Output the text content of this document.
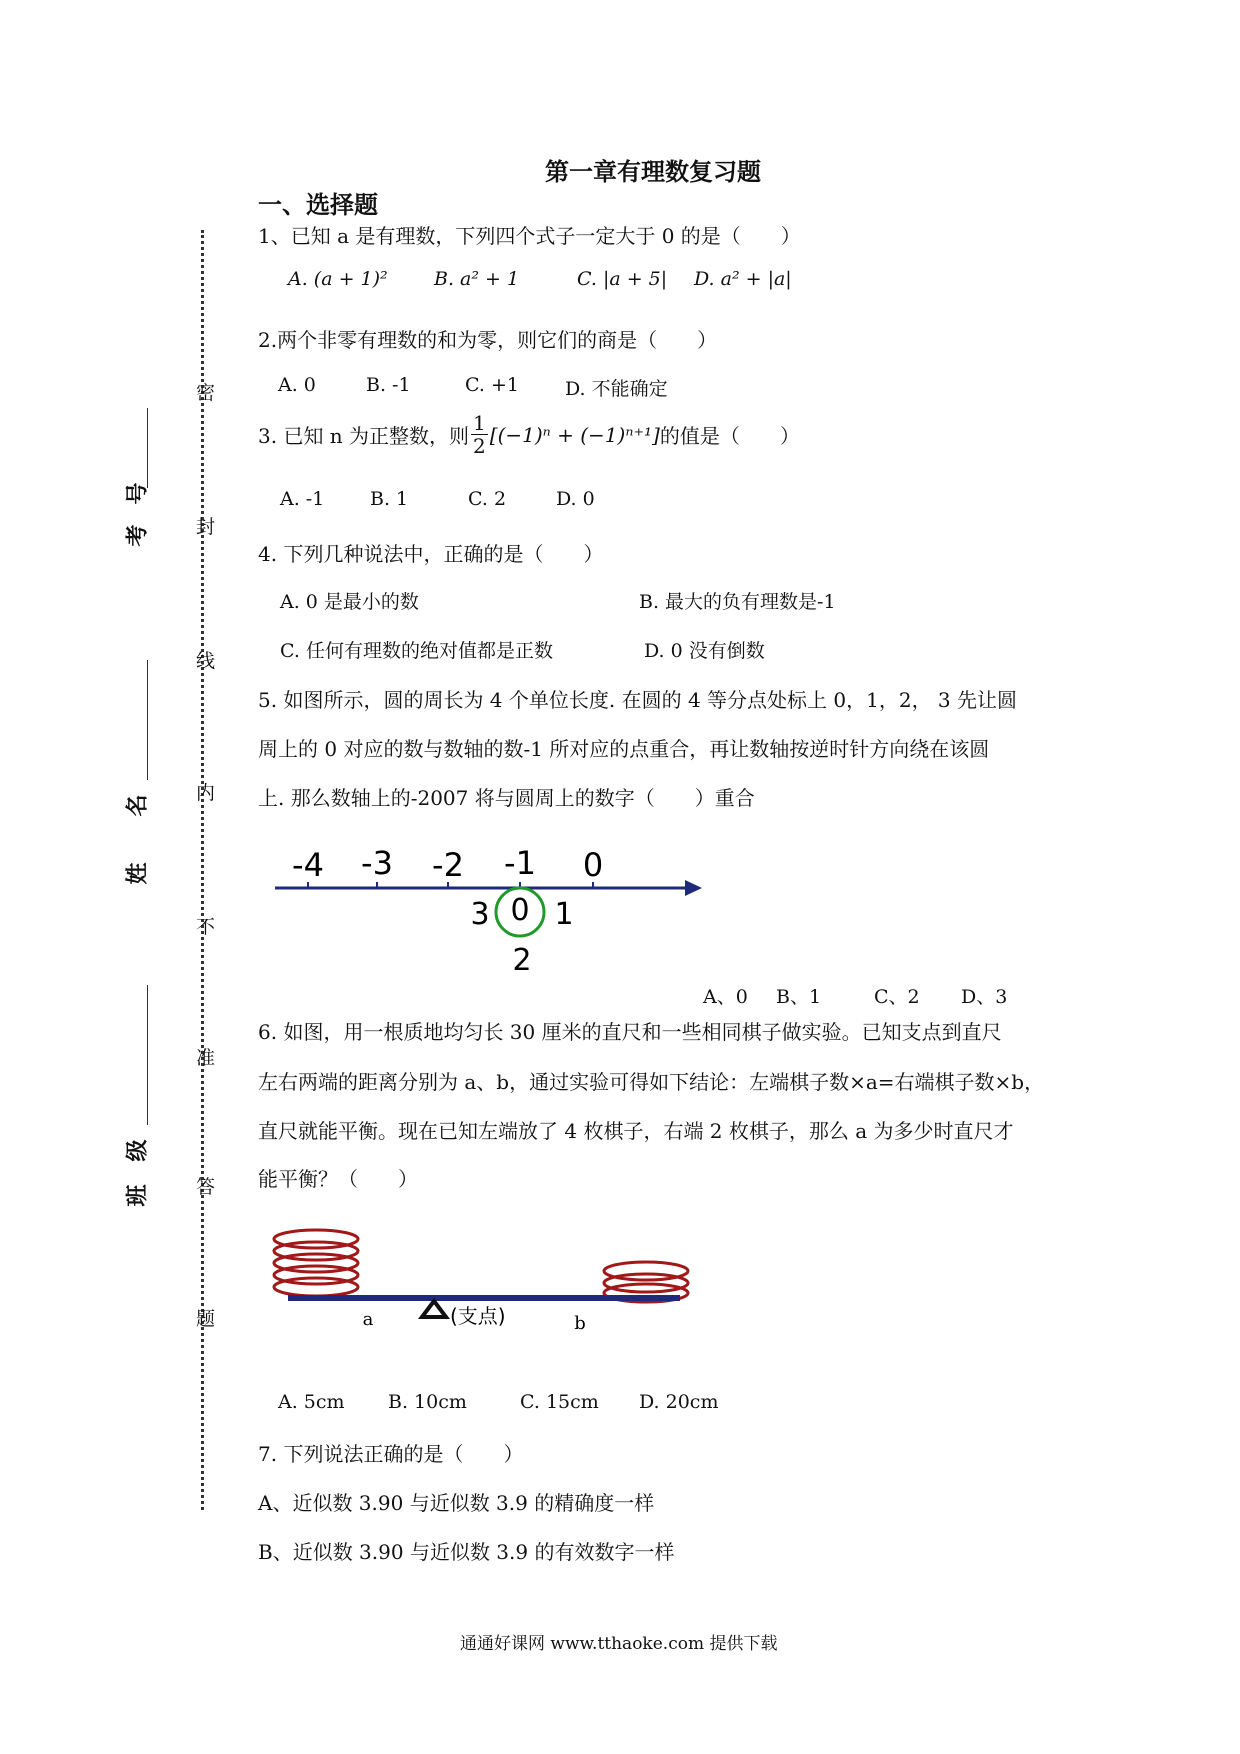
密
封
线
内
不
准
答
题
考
号
姓
名
班
级
第一章有理数复习题
一、选择题
1、已知 a 是有理数，下列四个式子一定大于 0 的是（　　）
A. (a + 1)² B. a² + 1	C. |a + 5| D. a² + |a|
2.两个非零有理数的和为零，则它们的商是（　　）
A. 0	B. -1	C. +1 D. 不能确定
3. 已知 n 为正整数，则 $\frac{1}{2} [(-1)^n + (-1)^{n+1}]$ 的值是（　　）
A. -1 B. 1	C. 2	D. 0
4. 下列几种说法中，正确的是（　　）
A. 0 是最小的数	B. 最大的负有理数是-1
C. 任何有理数的绝对值都是正数	D. 0 没有倒数
5. 如图所示，圆的周长为 4 个单位长度. 在圆的 4 等分点处标上 0，1，2， 3 先让圆
周上的 0 对应的数与数轴的数-1 所对应的点重合，再让数轴按逆时针方向绕在该圆
上. 那么数轴上的-2007 将与圆周上的数字（　　）重合
-4 -3 -2 -1 0
0 1
2
3
A、0 B、1	C、2 D、3
6. 如图，用一根质地均匀长 30 厘米的直尺和一些相同棋子做实验。已知支点到直尺
左右两端的距离分别为 a、b，通过实验可得如下结论：左端棋子数×a=右端棋子数×b，
直尺就能平衡。现在已知左端放了 4 枚棋子，右端 2 枚棋子，那么 a 为多少时直尺才
能平衡？（　　）
a	(支点)	b
A. 5cm B. 10cm	C. 15cm D. 20cm
7. 下列说法正确的是（　　）
A、近似数 3.90 与近似数 3.9 的精确度一样
B、近似数 3.90 与近似数 3.9 的有效数字一样
通通好课网 www.tthaoke.com 提供下载
